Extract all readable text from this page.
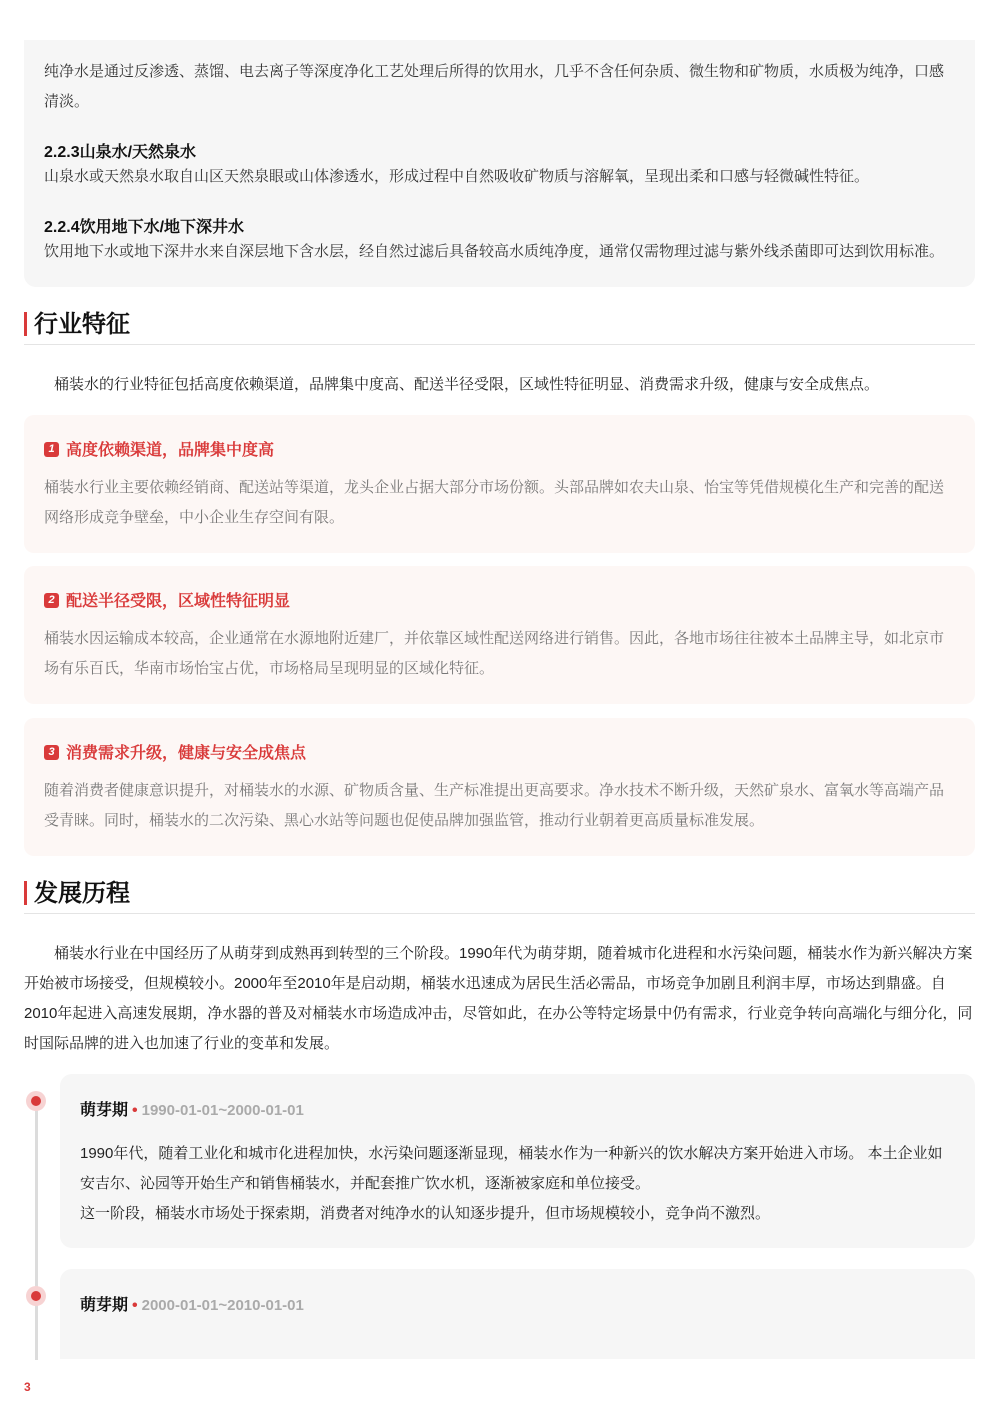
纯净水是通过反渗透、蒸馏、电去离子等深度净化工艺处理后所得的饮用水，几乎不含任何杂质、微生物和矿物质，水质极为纯净，口感清淡。
2.2.3山泉水/天然泉水
山泉水或天然泉水取自山区天然泉眼或山体渗透水，形成过程中自然吸收矿物质与溶解氧，呈现出柔和口感与轻微碱性特征。
2.2.4饮用地下水/地下深井水
饮用地下水或地下深井水来自深层地下含水层，经自然过滤后具备较高水质纯净度，通常仅需物理过滤与紫外线杀菌即可达到饮用标准。
行业特征
桶装水的行业特征包括高度依赖渠道，品牌集中度高、配送半径受限，区域性特征明显、消费需求升级，健康与安全成焦点。
1 高度依赖渠道，品牌集中度高
桶装水行业主要依赖经销商、配送站等渠道，龙头企业占据大部分市场份额。头部品牌如农夫山泉、怡宝等凭借规模化生产和完善的配送网络形成竞争壁垒，中小企业生存空间有限。
2 配送半径受限，区域性特征明显
桶装水因运输成本较高，企业通常在水源地附近建厂，并依靠区域性配送网络进行销售。因此，各地市场往往被本土品牌主导，如北京市场有乐百氏，华南市场怡宝占优，市场格局呈现明显的区域化特征。
3 消费需求升级，健康与安全成焦点
随着消费者健康意识提升，对桶装水的水源、矿物质含量、生产标准提出更高要求。净水技术不断升级，天然矿泉水、富氧水等高端产品受青睐。同时，桶装水的二次污染、黑心水站等问题也促使品牌加强监管，推动行业朝着更高质量标准发展。
发展历程
桶装水行业在中国经历了从萌芽到成熟再到转型的三个阶段。1990年代为萌芽期，随着城市化进程和水污染问题，桶装水作为新兴解决方案开始被市场接受，但规模较小。2000年至2010年是启动期，桶装水迅速成为居民生活必需品，市场竞争加剧且利润丰厚，市场达到鼎盛。自2010年起进入高速发展期，净水器的普及对桶装水市场造成冲击，尽管如此，在办公等特定场景中仍有需求，行业竞争转向高端化与细分化，同时国际品牌的进入也加速了行业的变革和发展。
萌芽期 • 1990-01-01~2000-01-01
1990年代，随着工业化和城市化进程加快，水污染问题逐渐显现，桶装水作为一种新兴的饮水解决方案开始进入市场。 本土企业如安吉尔、沁园等开始生产和销售桶装水，并配套推广饮水机，逐渐被家庭和单位接受。
这一阶段，桶装水市场处于探索期，消费者对纯净水的认知逐步提升，但市场规模较小，竞争尚不激烈。
萌芽期 • 2000-01-01~2010-01-01
3
